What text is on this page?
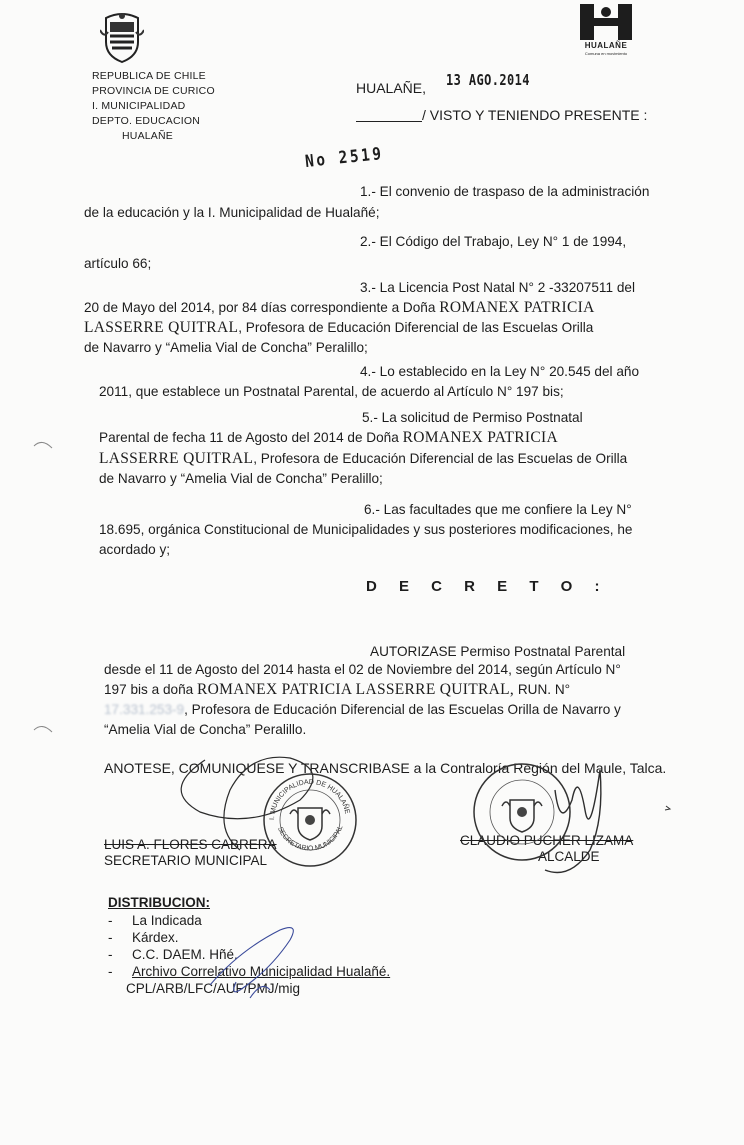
REPUBLICA DE CHILE
PROVINCIA DE CURICO
I. MUNICIPALIDAD
DEPTO. EDUCACION
HUALAÑE
HUALAÑE
Comuna en movimiento
HUALAÑE, 13 AGO.2014
/ VISTO Y TENIENDO PRESENTE :
No 2519

1.- El convenio de traspaso de la administración

de la educación y la I. Municipalidad de Hualañé;

2.- El Código del Trabajo, Ley N° 1 de 1994,

artículo 66;

3.- La Licencia Post Natal N° 2 -33207511 del

20 de Mayo del 2014, por 84 días correspondiente a Doña ROMANEX PATRICIA

LASSERRE QUITRAL, Profesora de Educación Diferencial de las Escuelas Orilla

de Navarro y “Amelia Vial de Concha” Peralillo;

4.- Lo establecido en la Ley N° 20.545 del año

2011, que establece un Postnatal Parental, de acuerdo al Artículo N° 197 bis;

5.- La solicitud de Permiso Postnatal

Parental de fecha 11 de Agosto del 2014 de Doña ROMANEX PATRICIA

LASSERRE QUITRAL, Profesora de Educación Diferencial de las Escuelas de Orilla

de Navarro y “Amelia Vial de Concha” Peralillo;

6.- Las facultades que me confiere la Ley N°

18.695, orgánica Constitucional de Municipalidades y sus posteriores modificaciones, he

acordado y;

D E C R E T O :

AUTORIZASE Permiso Postnatal Parental

desde el 11 de Agosto del 2014 hasta el 02 de Noviembre del 2014, según Artículo N°

197 bis a doña ROMANEX PATRICIA LASSERRE QUITRAL, RUN. N°

17.331.253-9, Profesora de Educación Diferencial de las Escuelas Orilla de Navarro y

“Amelia Vial de Concha” Peralillo.

ANOTESE, COMUNIQUESE Y TRANSCRIBASE a la Contraloría Región del Maule, Talca.

LUIS A. FLORES CABRERA
SECRETARIO MUNICIPAL
CLAUDIO PUCHER LIZAMA
ALCALDE
I. MUNICIPALIDAD DE HUALAÑE
SECRETARIO MUNICIPAL
DISTRIBUCION:
- La Indicada
- Kárdex.
- C.C. DAEM. Hñé.
- Archivo Correlativo Municipalidad Hualañé.
CPL/ARB/LFC/AUF/PMJ/mig
